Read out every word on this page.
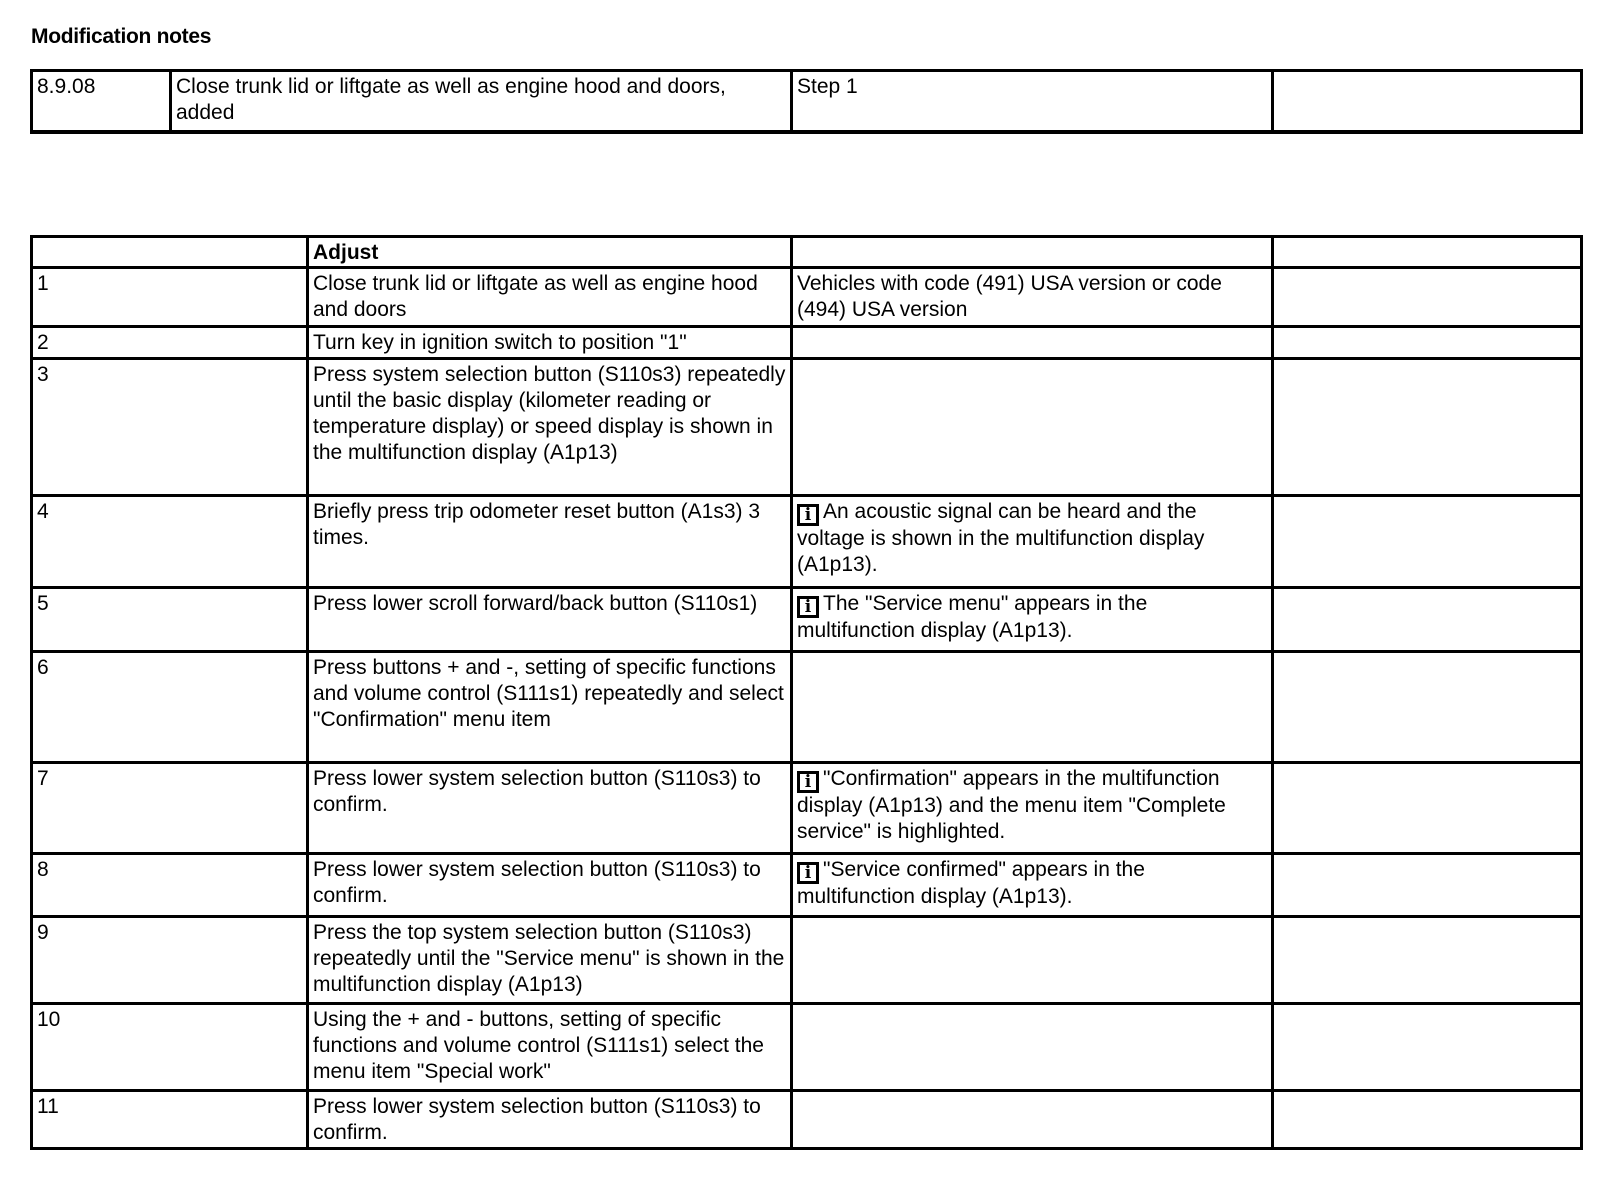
Modification notes
8.9.08	Close trunk lid or liftgate as well as engine hood and doors, added	Step 1	
	Adjust		
1	Close trunk lid or liftgate as well as engine hood and doors	Vehicles with code (491) USA version or code (494) USA version	
2	Turn key in ignition switch to position "1"		
3	Press system selection button (S110s3) repeatedly until the basic display (kilometer reading or temperature display) or speed display is shown in the multifunction display (A1p13)		
4	Briefly press trip odometer reset button (A1s3) 3 times.	i An acoustic signal can be heard and the voltage is shown in the multifunction display (A1p13).	
5	Press lower scroll forward/back button (S110s1)	i The "Service menu" appears in the multifunction display (A1p13).	
6	Press buttons + and -, setting of specific functions and volume control (S111s1) repeatedly and select "Confirmation" menu item		
7	Press lower system selection button (S110s3) to confirm.	i "Confirmation" appears in the multifunction display (A1p13) and the menu item "Complete service" is highlighted.	
8	Press lower system selection button (S110s3) to confirm.	i "Service confirmed" appears in the multifunction display (A1p13).	
9	Press the top system selection button (S110s3) repeatedly until the "Service menu" is shown in the multifunction display (A1p13)		
10	Using the + and - buttons, setting of specific functions and volume control (S111s1) select the menu item "Special work"		
11	Press lower system selection button (S110s3) to confirm.		
